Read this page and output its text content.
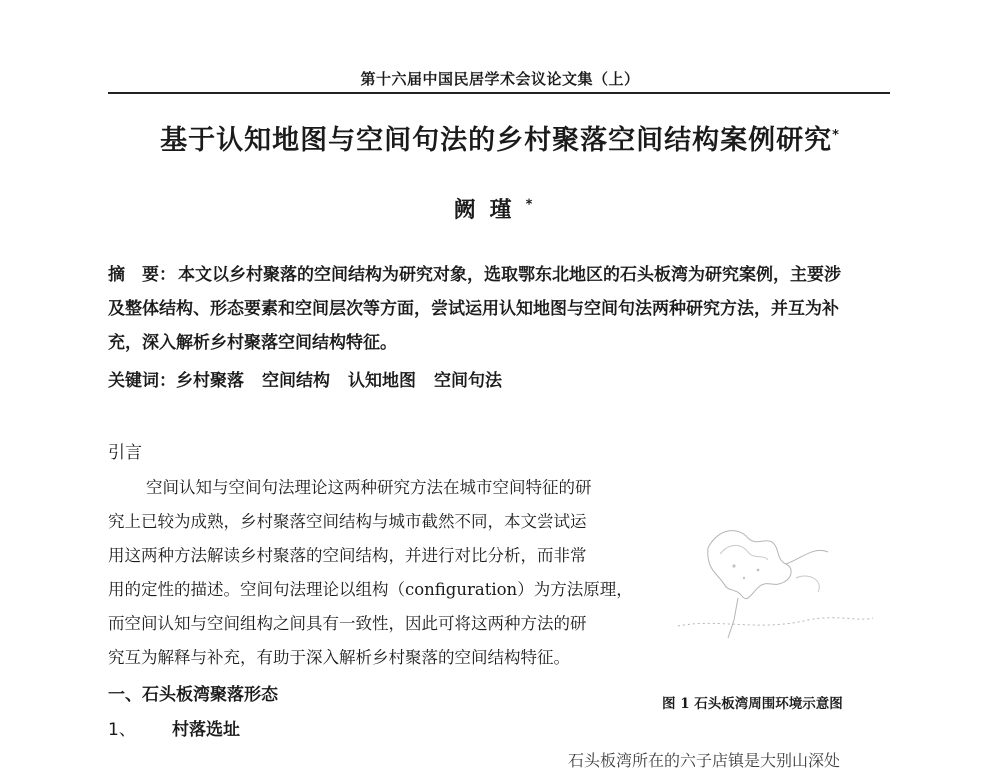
第十六届中国民居学术会议论文集（上）
基于认知地图与空间句法的乡村聚落空间结构案例研究*
阙瑾*
摘　要： 本文以乡村聚落的空间结构为研究对象，选取鄂东北地区的石头板湾为研究案例，主要涉
及整体结构、形态要素和空间层次等方面，尝试运用认知地图与空间句法两种研究方法，并互为补
充，深入解析乡村聚落空间结构特征。
关键词：乡村聚落 空间结构 认知地图 空间句法
引言
空间认知与空间句法理论这两种研究方法在城市空间特征的研
究上已较为成熟，乡村聚落空间结构与城市截然不同，本文尝试运
用这两种方法解读乡村聚落的空间结构，并进行对比分析，而非常
用的定性的描述。空间句法理论以组构（configuration）为方法原理，
而空间认知与空间组构之间具有一致性，因此可将这两种方法的研
究互为解释与补充，有助于深入解析乡村聚落的空间结构特征。
图 1 石头板湾周围环境示意图
一、石头板湾聚落形态
1、 村落选址
石头板湾所在的六子店镇是大别山深处
